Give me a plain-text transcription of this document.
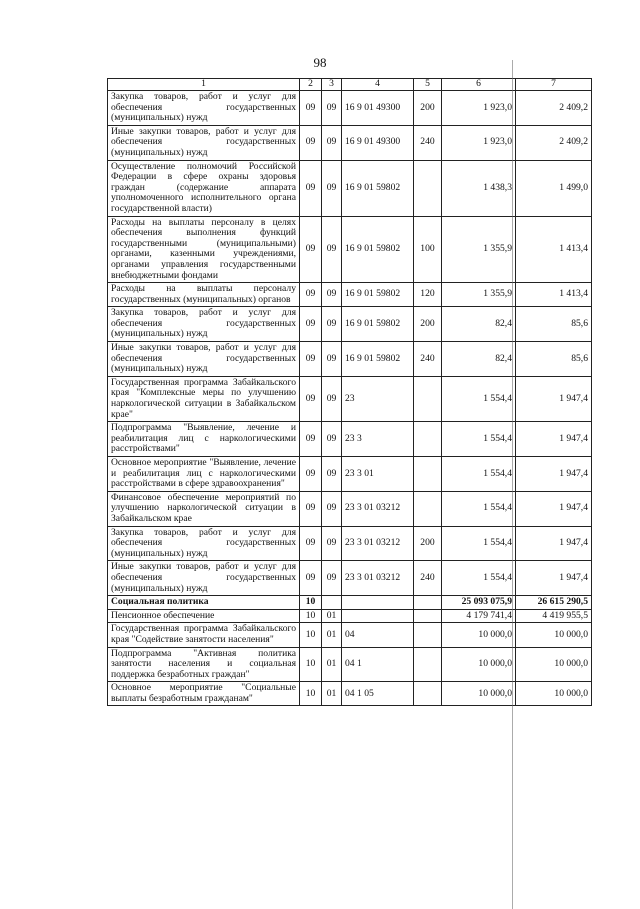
98
1	2	3	4	5	6	7
Закупка товаров, работ и услуг для обеспечения государственных (муниципальных) нужд	09	09	16 9 01 49300	200	1 923,0	2 409,2
Иные закупки товаров, работ и услуг для обеспечения государственных (муниципальных) нужд	09	09	16 9 01 49300	240	1 923,0	2 409,2
Осуществление полномочий Российской Федерации в сфере охраны здоровья граждан (содержание аппарата уполномоченного исполнительного органа государственной власти)	09	09	16 9 01 59802		1 438,3	1 499,0
Расходы на выплаты персоналу в целях обеспечения выполнения функций государственными (муниципальными) органами, казенными учреждениями, органами управления государственными внебюджетными фондами	09	09	16 9 01 59802	100	1 355,9	1 413,4
Расходы на выплаты персоналу государственных (муниципальных) органов	09	09	16 9 01 59802	120	1 355,9	1 413,4
Закупка товаров, работ и услуг для обеспечения государственных (муниципальных) нужд	09	09	16 9 01 59802	200	82,4	85,6
Иные закупки товаров, работ и услуг для обеспечения государственных (муниципальных) нужд	09	09	16 9 01 59802	240	82,4	85,6
Государственная программа Забайкальского края "Комплексные меры по улучшению наркологической ситуации в Забайкальском крае"	09	09	23		1 554,4	1 947,4
Подпрограмма "Выявление, лечение и реабилитация лиц с наркологическими расстройствами"	09	09	23 3		1 554,4	1 947,4
Основное мероприятие "Выявление, лечение и реабилитация лиц с наркологическими расстройствами в сфере здравоохранения"	09	09	23 3 01		1 554,4	1 947,4
Финансовое обеспечение мероприятий по улучшению наркологической ситуации в Забайкальском крае	09	09	23 3 01 03212		1 554,4	1 947,4
Закупка товаров, работ и услуг для обеспечения государственных (муниципальных) нужд	09	09	23 3 01 03212	200	1 554,4	1 947,4
Иные закупки товаров, работ и услуг для обеспечения государственных (муниципальных) нужд	09	09	23 3 01 03212	240	1 554,4	1 947,4
Социальная политика	10				25 093 075,9	26 615 290,5
Пенсионное обеспечение	10	01			4 179 741,4	4 419 955,5
Государственная программа Забайкальского края "Содействие занятости населения"	10	01	04		10 000,0	10 000,0
Подпрограмма "Активная политика занятости населения и социальная поддержка безработных граждан"	10	01	04 1		10 000,0	10 000,0
Основное мероприятие "Социальные выплаты безработным гражданам"	10	01	04 1 05		10 000,0	10 000,0
